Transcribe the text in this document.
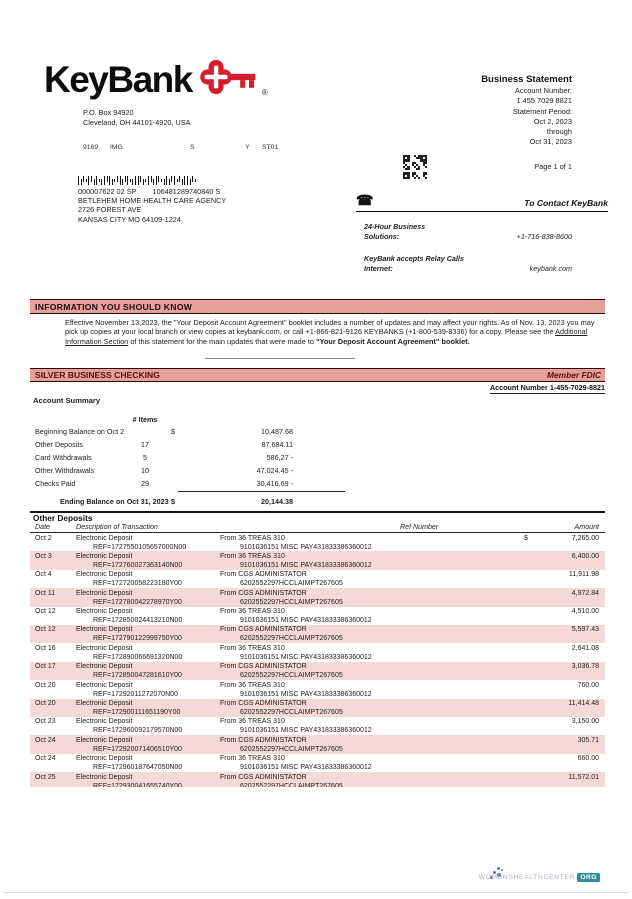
KeyBank	®
P.O. Box 94920
Cleveland, OH 44101-4920, USA
9169 IMG	S	Y ST01
Business Statement
Account Number:
1 455 7029 8821
Statement Period:
Oct 2, 2023
through
Oct 31, 2023
Page 1 of 1
000007622 02 SP        106481289740840 S
BETLEHEM HOME HEALTH CARE AGENCY
2726 FOREST AVE
KANSAS CITY MO 64109-1224
☎	To Contact KeyBank
24-Hour Business
Solutions:	+1-716-838-8600
KeyBank accepts Relay Calls
Internet:	keybank.com
INFORMATION YOU SHOULD KNOW
Effective November 13,2023, the "Your Deposit Account Agreement" booklet includes a number of updates and may affect your rights. As of Nov. 13, 2023 you may pick up copies at your local branch or view copies at keybank.com, or call +1-866-821-9126 KEYBANKS (+1-800-539-8336) for a copy. Please see the Additional Information Section of this statement for the main updates that were made to "Your Deposit Account Agreement" booklet.
SILVER BUSINESS CHECKING	Member FDIC
Account Number 1-455-7029-8821
Account Summary
# Items
Beginning Balance on Oct 2	$	10,487.68
Other Deposits	17	87,684.11
Card Withdrawals	5	586,27 -
Other Withdrawals	10	47,024.45 -
Checks Paid	29	30,416.69 -
Ending Balance on Oct 31, 2023 $	20,144.38
Other Deposits
Date	Description of Transaction	Ref Number	Amount
Oct 2	Electronic Deposit	From 36 TREAS 310	$	7,265.00
REF=1727550105657000N00	9101036151 MISC PAY431833386360012
Oct 3	Electronic Deposit	From 36 TREAS 310	6,400.00
REF=172760027363140N00	9101036151 MISC PAY431833386360012
Oct 4	Electronic Deposit	From CGS ADMINISTATOR	11,911.98
REF=172720058223180Y00	6202552297HCCLAIMPT267605
Oct 11	Electronic Deposit	From CGS ADMINISTATOR	4,972.84
REF=172780042278970Y00	6202552297HCCLAIMPT267605
Oct 12	Electronic Deposit	From 36 TREAS 310	4,510.00
REF=172850024413210N00	9101036151 MISC PAY431833386360012
Oct 12	Electronic Deposit	From CGS ADMINISTATOR	5,597.43
REF=172790122999750Y00	6202552297HCCLAIMPT267605
Oct 16	Electronic Deposit	From 36 TREAS 310	2,641.08
REF=172890066691320N00	9101036151 MISC PAY431833386360012
Oct 17	Electronic Deposit	From CGS ADMINISTATOR	3,036.78
REF=172850047281610Y00	6202552297HCCLAIMPT267605
Oct 20	Electronic Deposit	From 36 TREAS 310	760.00
REF=17292011272070N00	9101036151 MISC PAY431833386360012
Oct 20	Electronic Deposit	From CGS ADMINISTATOR	11,414.48
REF=172900111651190Y00	6202552297HCCLAIMPT267605
Oct 23	Electronic Deposit	From 36 TREAS 310	3,150.00
REF=172960092179570N00	9101036151 MISC PAY431833386360012
Oct 24	Electronic Deposit	From CGS ADMINISTATOR	305.71
REF=172920071406510Y00	6202552297HCCLAIMPT267605
Oct 24	Electronic Deposit	From 36 TREAS 310	660.00
REF=172960187647050N00	9101036151 MISC PAY431833386360012
Oct 25	Electronic Deposit	From CGS ADMINISTATOR	11,572.01
REF=172930041655740Y00	6202552297HCCLAIMPT267605
WOMENSHEALTHCENTER ORG
